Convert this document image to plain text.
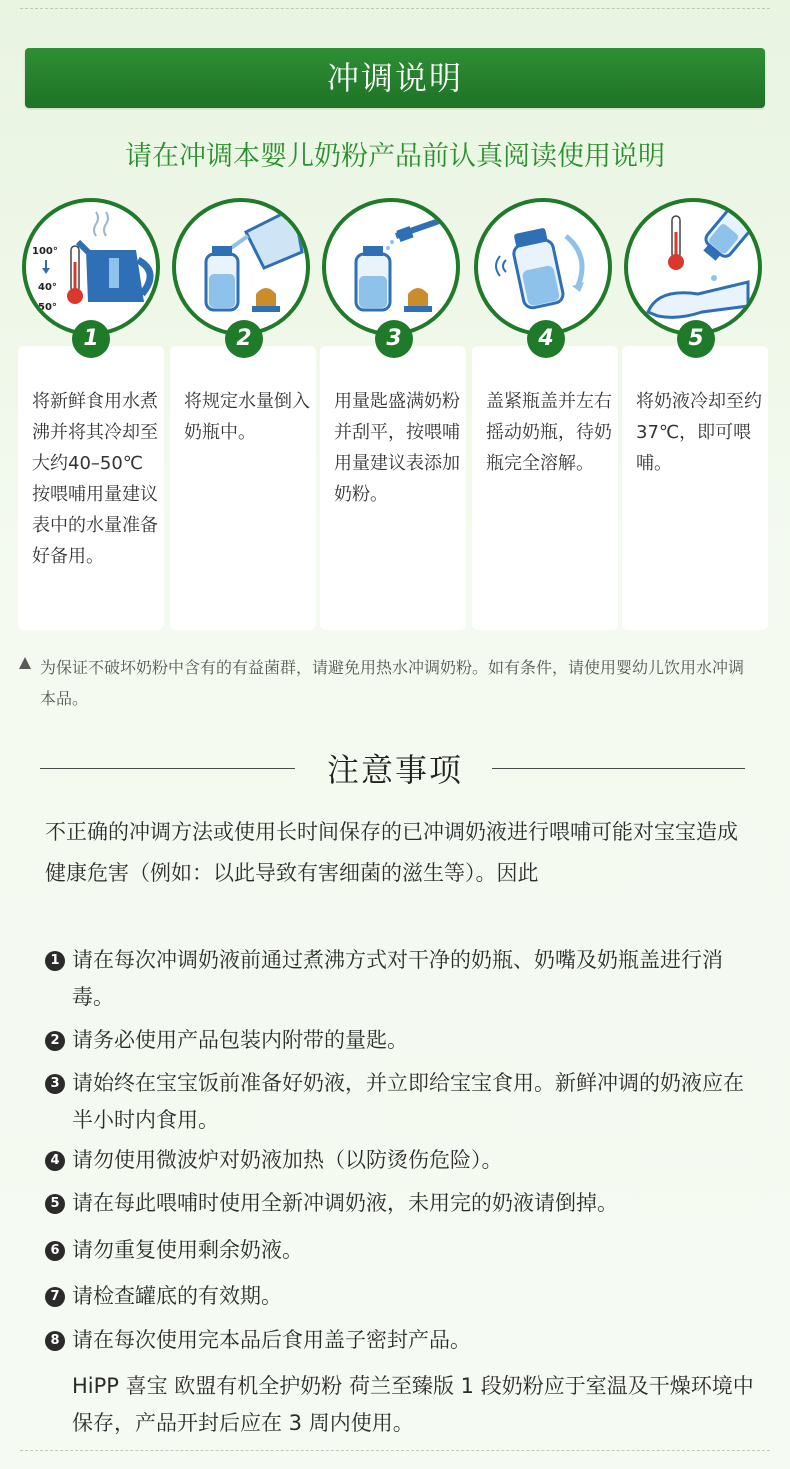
冲调说明
请在冲调本婴儿奶粉产品前认真阅读使用说明
将新鲜食用水煮沸并将其冷却至大约40–50℃按喂哺用量建议表中的水量准备好备用。
100°
40°
50°
1
将规定水量倒入奶瓶中。
2
用量匙盛满奶粉并刮平，按喂哺用量建议表添加奶粉。
3
盖紧瓶盖并左右摇动奶瓶，待奶瓶完全溶解。
4
将奶液冷却至约37℃，即可喂哺。
5
为保证不破坏奶粉中含有的有益菌群，请避免用热水冲调奶粉。如有条件，请使用婴幼儿饮用水冲调本品。
注意事项
不正确的冲调方法或使用长时间保存的已冲调奶液进行喂哺可能对宝宝造成健康危害（例如：以此导致有害细菌的滋生等）。因此
1 请在每次冲调奶液前通过煮沸方式对干净的奶瓶、奶嘴及奶瓶盖进行消毒。
2 请务必使用产品包装内附带的量匙。
3 请始终在宝宝饭前准备好奶液，并立即给宝宝食用。新鲜冲调的奶液应在半小时内食用。
4 请勿使用微波炉对奶液加热（以防烫伤危险）。
5 请在每此喂哺时使用全新冲调奶液，未用完的奶液请倒掉。
6 请勿重复使用剩余奶液。
7 请检查罐底的有效期。
8 请在每次使用完本品后食用盖子密封产品。
HiPP 喜宝 欧盟有机全护奶粉 荷兰至臻版 1 段奶粉应于室温及干燥环境中保存，产品开封后应在 3 周内使用。
